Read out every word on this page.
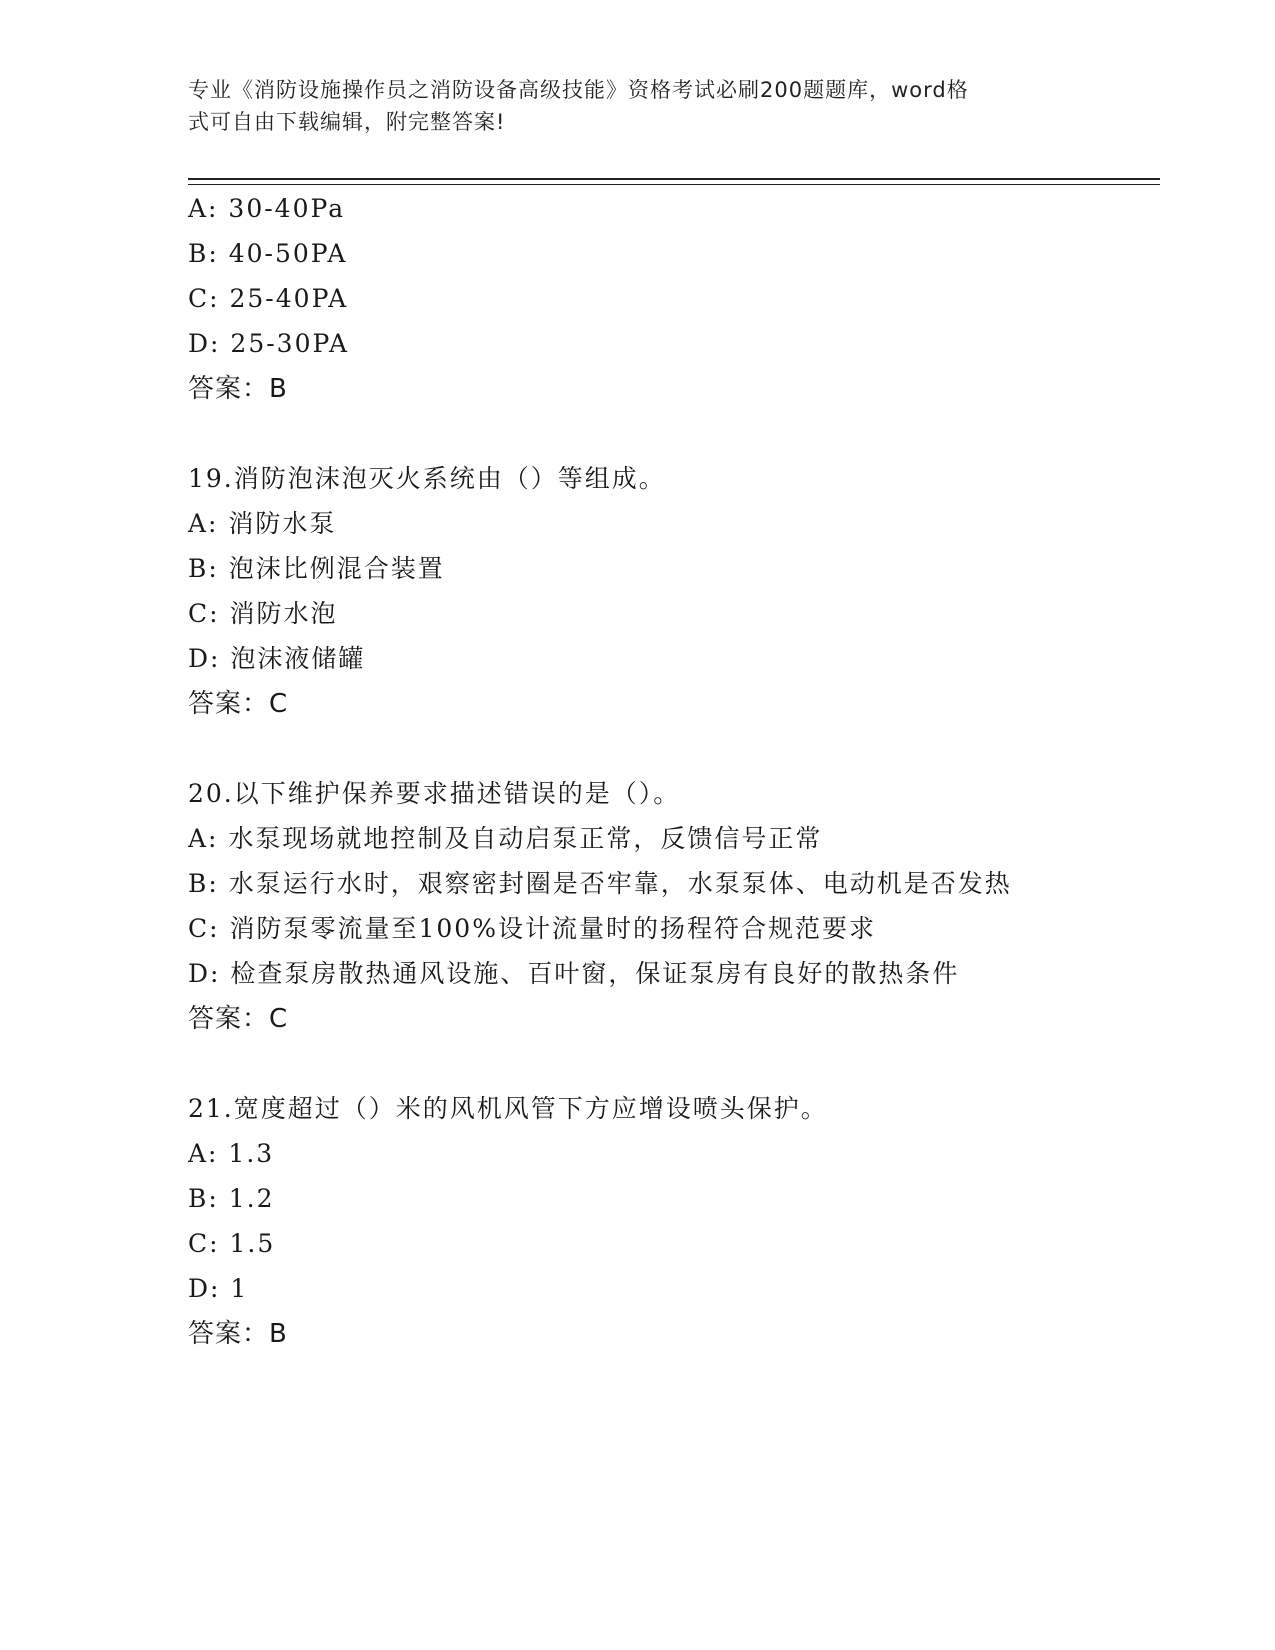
专业《消防设施操作员之消防设备高级技能》资格考试必刷200题题库，word格
式可自由下载编辑，附完整答案!
A: 30-40Pa
B: 40-50PA
C: 25-40PA
D: 25-30PA
答案：B
19.消防泡沫泡灭火系统由（）等组成。
A: 消防水泵
B: 泡沫比例混合装置
C: 消防水泡
D: 泡沫液储罐
答案：C
20.以下维护保养要求描述错误的是（）。
A: 水泵现场就地控制及自动启泵正常，反馈信号正常
B: 水泵运行水时，艰察密封圈是否牢靠，水泵泵体、电动机是否发热
C: 消防泵零流量至100%设计流量时的扬程符合规范要求
D: 检查泵房散热通风设施、百叶窗，保证泵房有良好的散热条件
答案：C
21.宽度超过（）米的风机风管下方应增设喷头保护。
A: 1.3
B: 1.2
C: 1.5
D: 1
答案：B
